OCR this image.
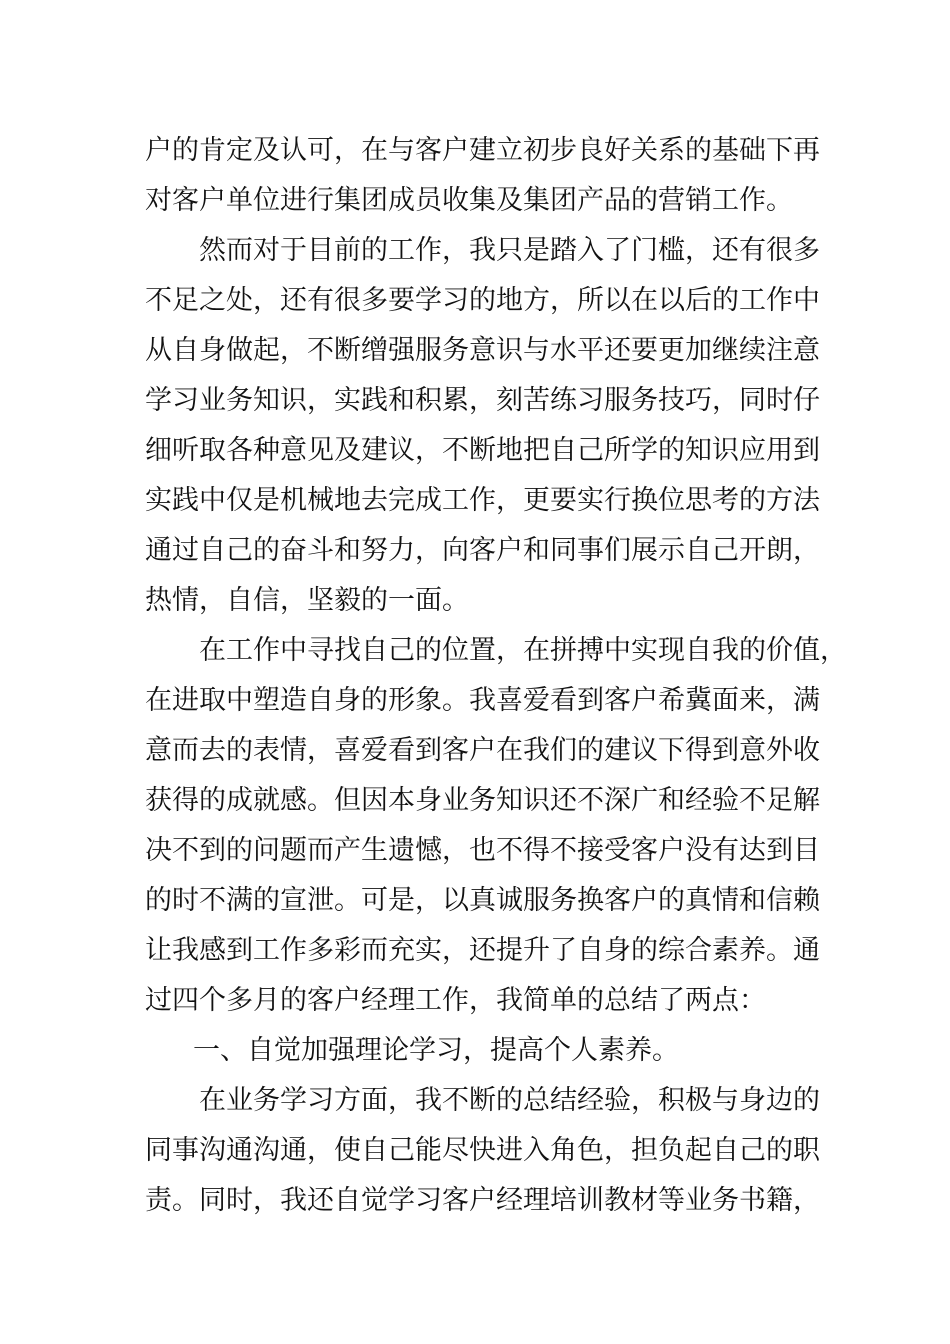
户的肯定及认可，在与客户建立初步良好关系的基础下再
对客户单位进行集团成员收集及集团产品的营销工作。
然而对于目前的工作，我只是踏入了门槛，还有很多
不足之处，还有很多要学习的地方，所以在以后的工作中
从自身做起，不断缯强服务意识与水平还要更加继续注意
学习业务知识，实践和积累，刻苦练习服务技巧，同时仔
细听取各种意见及建议，不断地把自己所学的知识应用到
实践中仅是机械地去完成工作，更要实行换位思考的方法
通过自己的奋斗和努力，向客户和同事们展示自己开朗，
热情，自信，坚毅的一面。
在工作中寻找自己的位置，在拼搏中实现自我的价值，
在进取中塑造自身的形象。我喜爱看到客户希冀面来，满
意而去的表情，喜爱看到客户在我们的建议下得到意外收
获得的成就感。但因本身业务知识还不深广和经验不足解
决不到的问题而产生遗憾，也不得不接受客户没有达到目
的时不满的宣泄。可是，以真诚服务换客户的真情和信赖
让我感到工作多彩而充实，还提升了自身的综合素养。通
过四个多月的客户经理工作，我简单的总结了两点：
一、自觉加强理论学习，提高个人素养。
在业务学习方面，我不断的总结经验，积极与身边的
同事沟通沟通，使自己能尽快进入角色，担负起自己的职
责。同时，我还自觉学习客户经理培训教材等业务书籍，
